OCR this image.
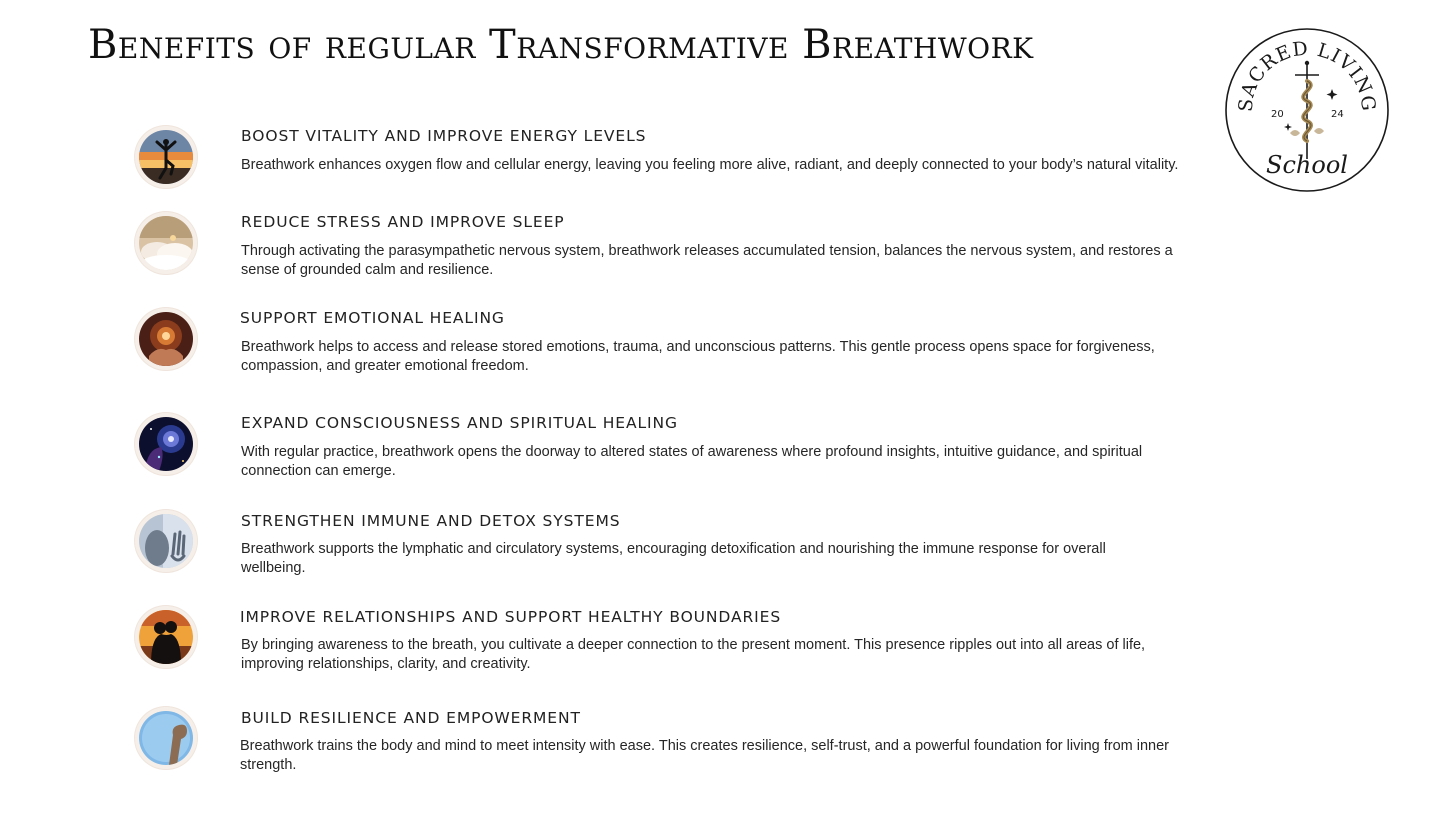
Benefits of regular Transformative Breathwork
SACRED LIVING
20	24
School
BOOST VITALITY AND IMPROVE ENERGY LEVELS

Breathwork enhances oxygen flow and cellular energy, leaving you feeling more alive, radiant, and deeply connected to your body’s natural vitality.

REDUCE STRESS AND IMPROVE SLEEP

Through activating the parasympathetic nervous system, breathwork releases accumulated tension, balances the nervous system, and restores a sense of grounded calm and resilience.

SUPPORT EMOTIONAL HEALING

Breathwork helps to access and release stored emotions, trauma, and unconscious patterns. This gentle process opens space for forgiveness, compassion, and greater emotional freedom.

EXPAND CONSCIOUSNESS AND SPIRITUAL HEALING

With regular practice, breathwork opens the doorway to altered states of awareness where profound insights, intuitive guidance, and spiritual connection can emerge.

STRENGTHEN IMMUNE AND DETOX SYSTEMS

Breathwork supports the lymphatic and circulatory systems, encouraging detoxification and nourishing the immune response for overall wellbeing.

IMPROVE RELATIONSHIPS AND SUPPORT HEALTHY BOUNDARIES

By bringing awareness to the breath, you cultivate a deeper connection to the present moment. This presence ripples out into all areas of life, improving relationships, clarity, and creativity.

BUILD RESILIENCE AND EMPOWERMENT

Breathwork trains the body and mind to meet intensity with ease. This creates resilience, self-trust, and a powerful foundation for living from inner strength.
